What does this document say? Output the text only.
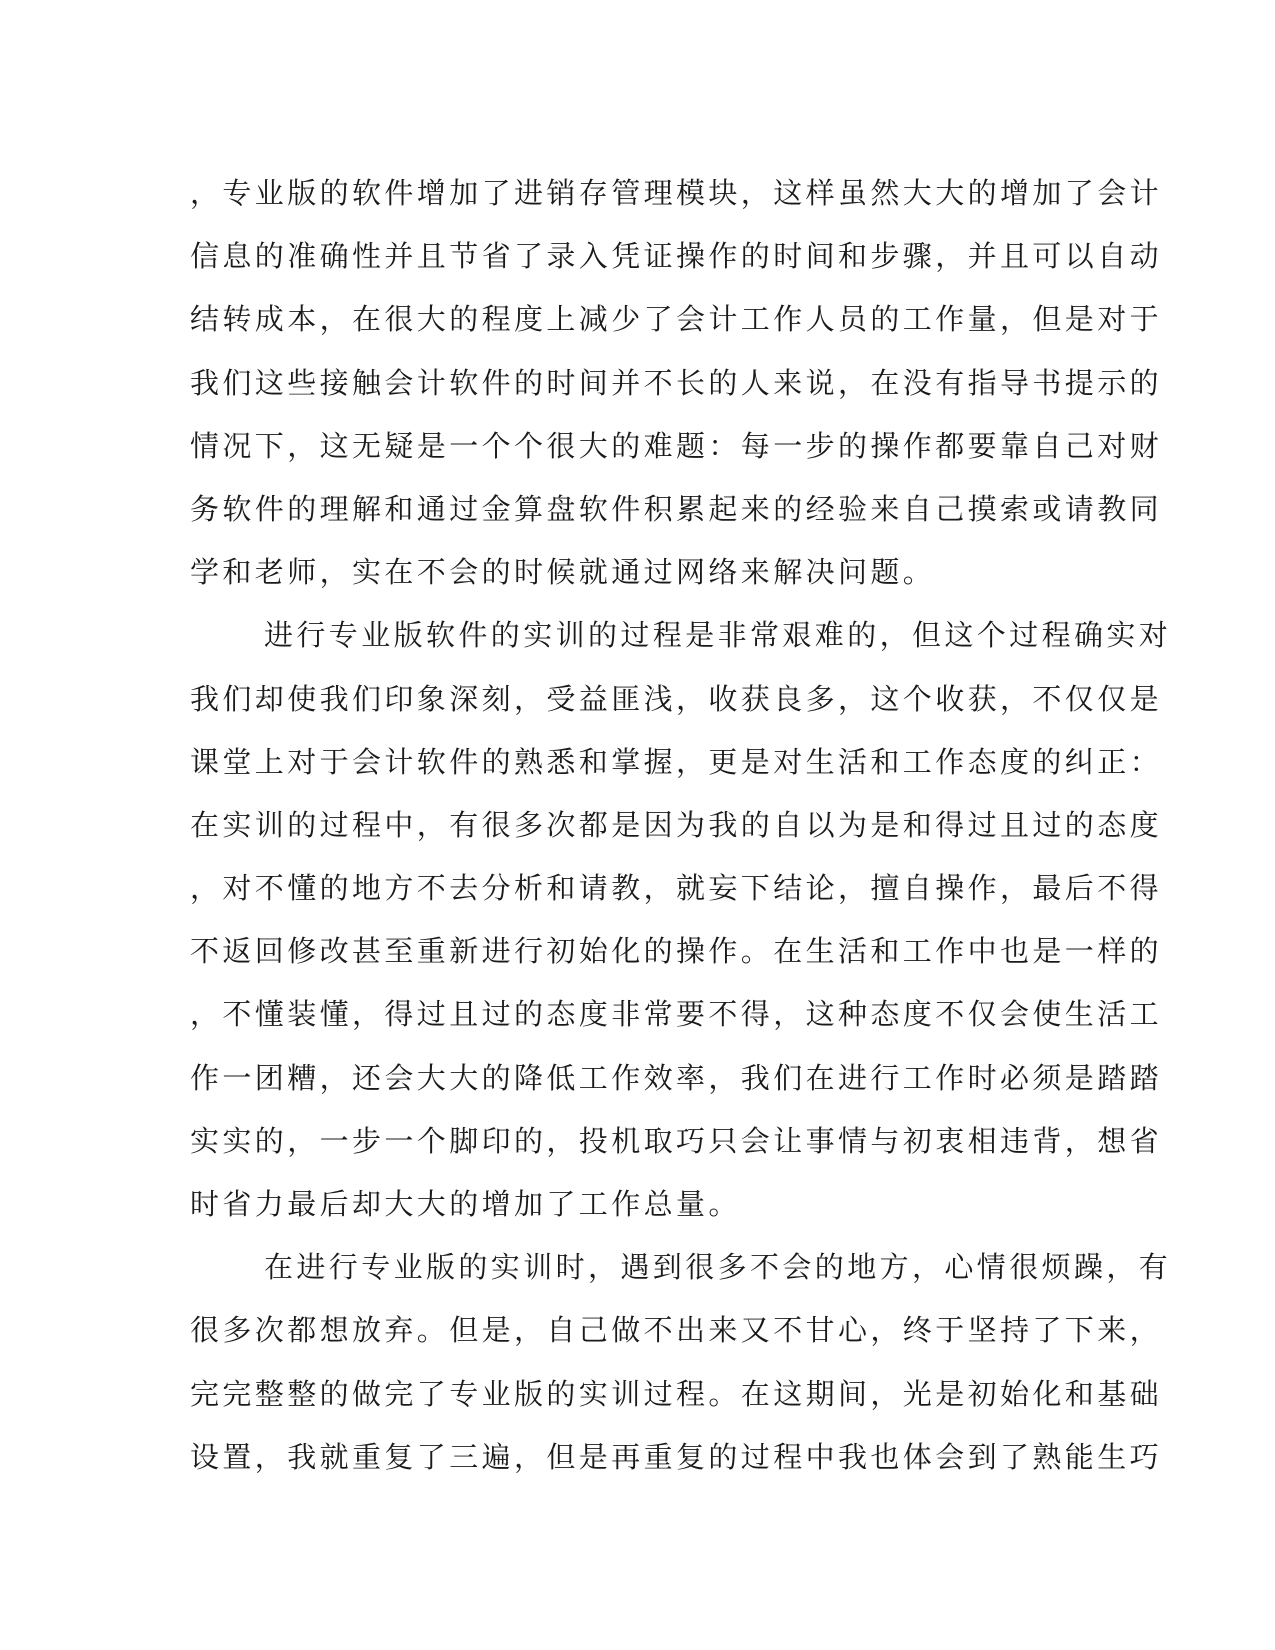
，专业版的软件增加了进销存管理模块，这样虽然大大的增加了会计
信息的准确性并且节省了录入凭证操作的时间和步骤，并且可以自动
结转成本，在很大的程度上减少了会计工作人员的工作量，但是对于
我们这些接触会计软件的时间并不长的人来说，在没有指导书提示的
情况下，这无疑是一个个很大的难题：每一步的操作都要靠自己对财
务软件的理解和通过金算盘软件积累起来的经验来自己摸索或请教同
学和老师，实在不会的时候就通过网络来解决问题。
进行专业版软件的实训的过程是非常艰难的，但这个过程确实对
我们却使我们印象深刻，受益匪浅，收获良多，这个收获，不仅仅是
课堂上对于会计软件的熟悉和掌握，更是对生活和工作态度的纠正：
在实训的过程中，有很多次都是因为我的自以为是和得过且过的态度
，对不懂的地方不去分析和请教，就妄下结论，擅自操作，最后不得
不返回修改甚至重新进行初始化的操作。在生活和工作中也是一样的
，不懂装懂，得过且过的态度非常要不得，这种态度不仅会使生活工
作一团糟，还会大大的降低工作效率，我们在进行工作时必须是踏踏
实实的，一步一个脚印的，投机取巧只会让事情与初衷相违背，想省
时省力最后却大大的增加了工作总量。
在进行专业版的实训时，遇到很多不会的地方，心情很烦躁，有
很多次都想放弃。但是，自己做不出来又不甘心，终于坚持了下来，
完完整整的做完了专业版的实训过程。在这期间，光是初始化和基础
设置，我就重复了三遍，但是再重复的过程中我也体会到了熟能生巧
